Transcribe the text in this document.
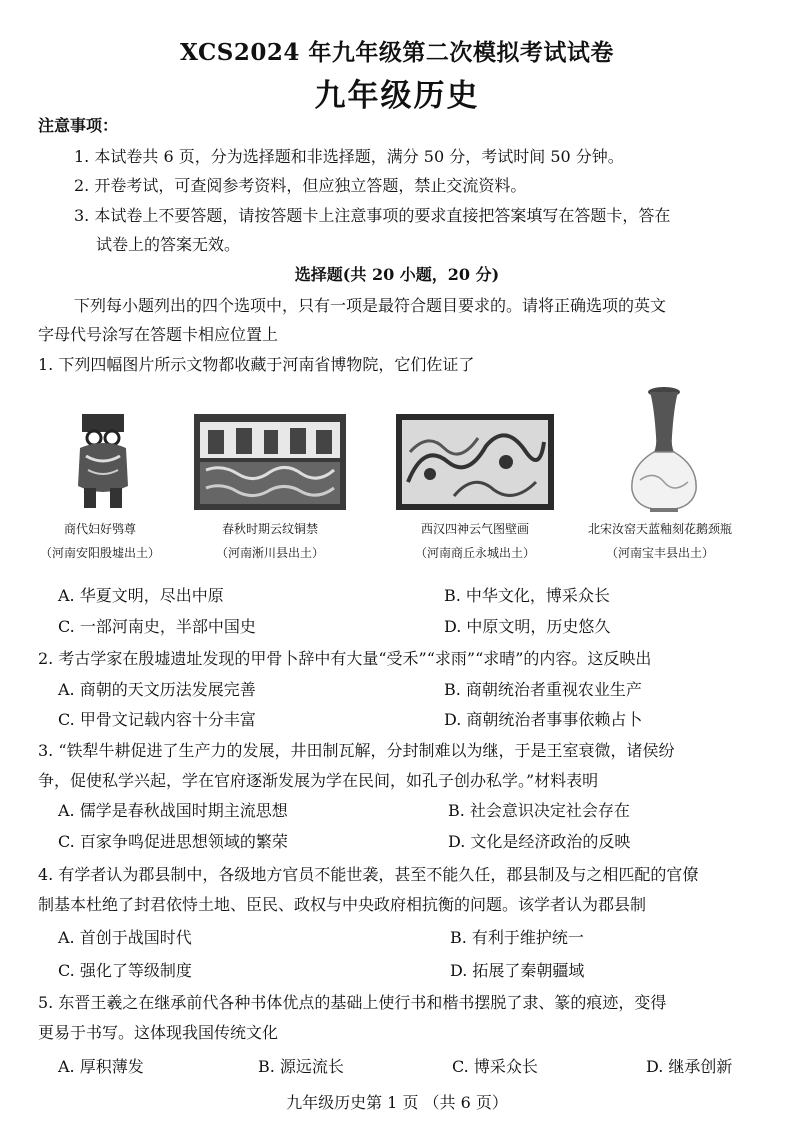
XCS2024 年九年级第二次模拟考试试卷
九年级历史
注意事项：
1. 本试卷共 6 页，分为选择题和非选择题，满分 50 分，考试时间 50 分钟。
2. 开卷考试，可查阅参考资料，但应独立答题，禁止交流资料。
3. 本试卷上不要答题，请按答题卡上注意事项的要求直接把答案填写在答题卡，答在
试卷上的答案无效。
选择题(共 20 小题，20 分)
下列每小题列出的四个选项中，只有一项是最符合题目要求的。请将正确选项的英文
字母代号涂写在答题卡相应位置上
1. 下列四幅图片所示文物都收藏于河南省博物院，它们佐证了
商代妇好鸮尊
（河南安阳殷墟出土）
春秋时期云纹铜禁
（河南淅川县出土）
西汉四神云气图壁画
（河南商丘永城出土）
北宋汝窑天蓝釉刻花鹅颈瓶
（河南宝丰县出土）
A. 华夏文明，尽出中原	B. 中华文化，博采众长
C. 一部河南史，半部中国史	D. 中原文明，历史悠久
2. 考古学家在殷墟遗址发现的甲骨卜辞中有大量“受禾”“求雨”“求晴”的内容。这反映出
A. 商朝的天文历法发展完善	B. 商朝统治者重视农业生产
C. 甲骨文记载内容十分丰富	D. 商朝统治者事事依赖占卜
3. “铁犁牛耕促进了生产力的发展，井田制瓦解，分封制难以为继，于是王室衰微，诸侯纷
争，促使私学兴起，学在官府逐渐发展为学在民间，如孔子创办私学。”材料表明
A. 儒学是春秋战国时期主流思想	B. 社会意识决定社会存在
C. 百家争鸣促进思想领域的繁荣	D. 文化是经济政治的反映
4. 有学者认为郡县制中，各级地方官员不能世袭，甚至不能久任，郡县制及与之相匹配的官僚
制基本杜绝了封君依恃土地、臣民、政权与中央政府相抗衡的问题。该学者认为郡县制
A. 首创于战国时代	B. 有利于维护统一
C. 强化了等级制度	D. 拓展了秦朝疆域
5. 东晋王羲之在继承前代各种书体优点的基础上使行书和楷书摆脱了隶、篆的痕迹，变得
更易于书写。这体现我国传统文化
A. 厚积薄发	B. 源远流长	C. 博采众长	D. 继承创新
九年级历史第 1 页 （共 6 页）
